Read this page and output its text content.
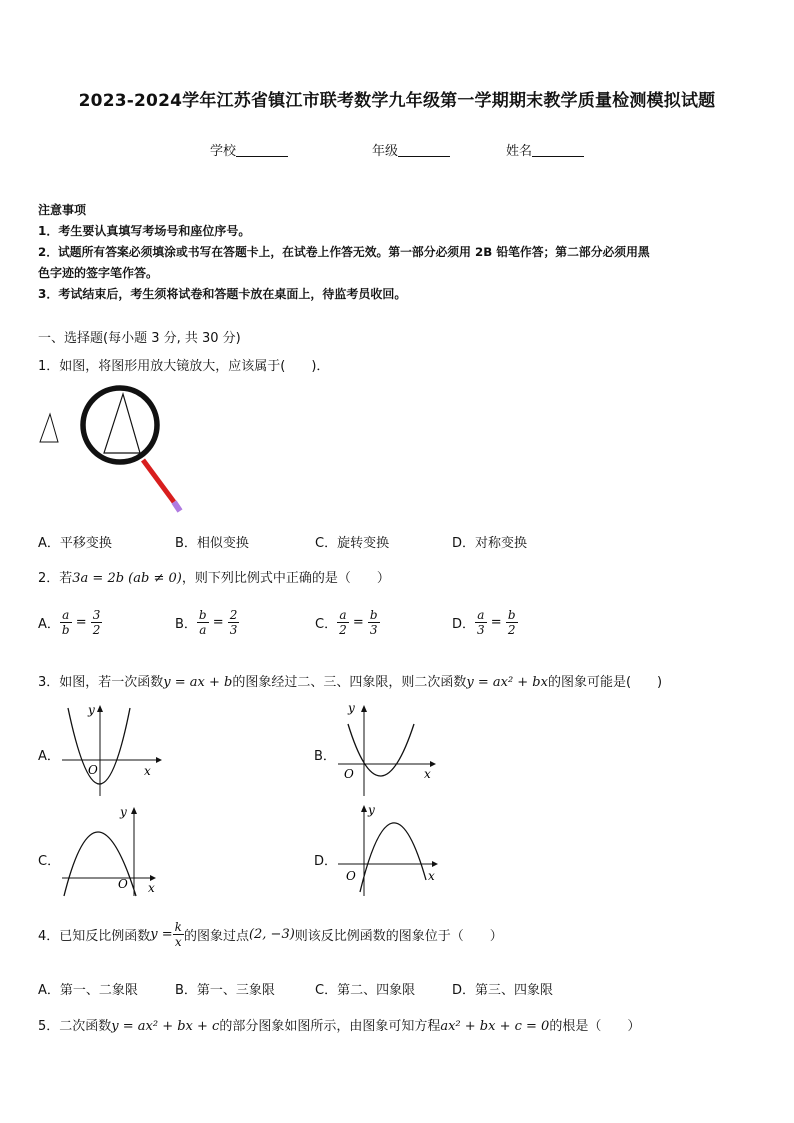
2023-2024学年江苏省镇江市联考数学九年级第一学期期末教学质量检测模拟试题
学校	年级	姓名
注意事项
1．考生要认真填写考场号和座位序号。
2．试题所有答案必须填涂或书写在答题卡上，在试卷上作答无效。第一部分必须用 2B 铅笔作答；第二部分必须用黑
色字迹的签字笔作答。
3．考试结束后，考生须将试卷和答题卡放在桌面上，待监考员收回。
一、选择题(每小题 3 分, 共 30 分)
1．如图，将图形用放大镜放大，应该属于(　　)．
A．平移变换	B．相似变换	C．旋转变换	D．对称变换
2．若3a = 2b (ab ≠ 0)，则下列比例式中正确的是（　　）
A． $\frac{a}{b} = \frac{3}{2}$	B． $\frac{b}{a} = \frac{2}{3}$	C． $\frac{a}{2} = \frac{b}{3}$	D． $\frac{a}{3} = \frac{b}{2}$
3．如图，若一次函数y = ax + b的图象经过二、三、四象限，则二次函数y = ax² + bx的图象可能是(　　)
A．
y
x
O
B．
y
x
O
C．
y
x
O
D．
y
x
O
4．已知反比例函数$y = \frac{k}{x}$ 的图象过点(2, −3)则该反比例函数的图象位于（　　）
A．第一、二象限	B．第一、三象限	C．第二、四象限	D．第三、四象限
5．二次函数y = ax² + bx + c的部分图象如图所示，由图象可知方程ax² + bx + c = 0的根是（　　）
